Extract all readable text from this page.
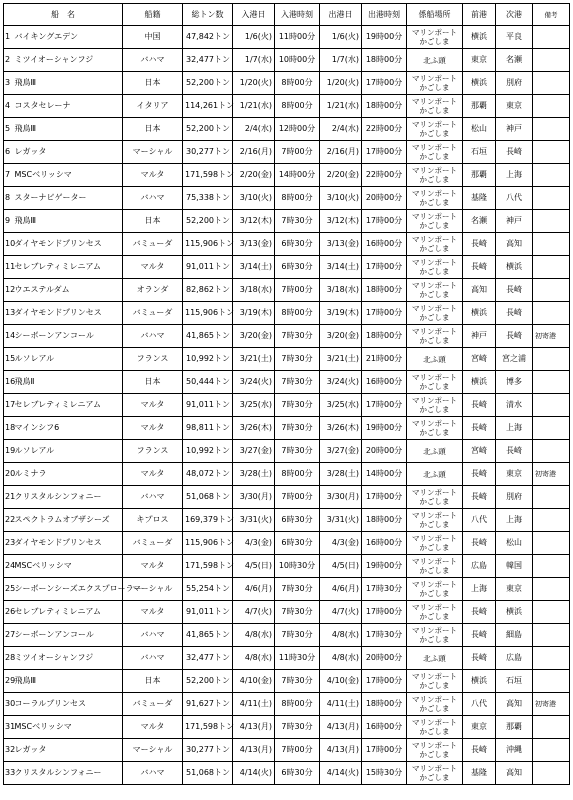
船　名		船籍	総トン数	入港日	入港時刻	出港日	出港時刻	係船場所	前港	次港	備考
1	バイキングエデン	中国	47,842トン	1/6(火)	11時00分	1/6(火)	19時00分	マリンポート
かごしま	横浜	平良	
2	ミツイオーシャンフジ	バハマ	32,477トン	1/7(水)	10時00分	1/7(水)	18時00分	北ふ頭	東京	名瀬	
3	飛鳥Ⅲ	日本	52,200トン	1/20(火)	8時00分	1/20(火)	17時00分	マリンポート
かごしま	横浜	別府	
4	コスタセレーナ	イタリア	114,261トン	1/21(水)	8時00分	1/21(水)	18時00分	マリンポート
かごしま	那覇	東京	
5	飛鳥Ⅲ	日本	52,200トン	2/4(水)	12時00分	2/4(水)	22時00分	マリンポート
かごしま	松山	神戸	
6	レガッタ	マーシャル	30,277トン	2/16(月)	7時00分	2/16(月)	17時00分	マリンポート
かごしま	石垣	長崎	
7	MSCベリッシマ	マルタ	171,598トン	2/20(金)	14時00分	2/20(金)	22時00分	マリンポート
かごしま	那覇	上海	
8	スターナビゲーター	バハマ	75,338トン	3/10(火)	8時00分	3/10(火)	20時00分	マリンポート
かごしま	基隆	八代	
9	飛鳥Ⅲ	日本	52,200トン	3/12(木)	7時30分	3/12(木)	17時00分	マリンポート
かごしま	名瀬	神戸	
10	ダイヤモンドプリンセス	バミューダ	115,906トン	3/13(金)	6時30分	3/13(金)	16時00分	マリンポート
かごしま	長崎	高知	
11	セレブレティミレニアム	マルタ	91,011トン	3/14(土)	6時30分	3/14(土)	17時00分	マリンポート
かごしま	長崎	横浜	
12	ウエステルダム	オランダ	82,862トン	3/18(水)	7時00分	3/18(水)	18時00分	マリンポート
かごしま	高知	長崎	
13	ダイヤモンドプリンセス	バミューダ	115,906トン	3/19(木)	8時00分	3/19(木)	17時00分	マリンポート
かごしま	横浜	長崎	
14	シーボーンアンコール	バハマ	41,865トン	3/20(金)	7時30分	3/20(金)	18時00分	マリンポート
かごしま	神戸	長崎	初寄港
15	ルソレアル	フランス	10,992トン	3/21(土)	7時30分	3/21(土)	21時00分	北ふ頭	宮崎	宮之浦	
16	飛鳥Ⅱ	日本	50,444トン	3/24(火)	7時30分	3/24(火)	16時00分	マリンポート
かごしま	横浜	博多	
17	セレブレティミレニアム	マルタ	91,011トン	3/25(水)	7時30分	3/25(水)	17時00分	マリンポート
かごしま	長崎	清水	
18	マインシフ6	マルタ	98,811トン	3/26(木)	7時30分	3/26(木)	19時00分	マリンポート
かごしま	長崎	上海	
19	ルソレアル	フランス	10,992トン	3/27(金)	7時30分	3/27(金)	20時00分	北ふ頭	宮崎	長崎	
20	ルミナラ	マルタ	48,072トン	3/28(土)	8時00分	3/28(土)	14時00分	北ふ頭	長崎	東京	初寄港
21	クリスタルシンフォニー	バハマ	51,068トン	3/30(月)	7時00分	3/30(月)	17時00分	マリンポート
かごしま	長崎	別府	
22	スペクトラムオブザシーズ	キプロス	169,379トン	3/31(火)	6時30分	3/31(火)	18時00分	マリンポート
かごしま	八代	上海	
23	ダイヤモンドプリンセス	バミューダ	115,906トン	4/3(金)	6時30分	4/3(金)	16時00分	マリンポート
かごしま	長崎	松山	
24	MSCベリッシマ	マルタ	171,598トン	4/5(日)	10時30分	4/5(日)	19時00分	マリンポート
かごしま	広島	韓国	
25	シーボーンシーズエクスプローラー	マーシャル	55,254トン	4/6(月)	7時30分	4/6(月)	17時30分	マリンポート
かごしま	上海	東京	
26	セレブレティミレニアム	マルタ	91,011トン	4/7(火)	7時30分	4/7(火)	17時00分	マリンポート
かごしま	長崎	横浜	
27	シーボーンアンコール	バハマ	41,865トン	4/8(水)	7時30分	4/8(水)	17時30分	マリンポート
かごしま	長崎	細島	
28	ミツイオーシャンフジ	バハマ	32,477トン	4/8(水)	11時30分	4/8(水)	20時00分	北ふ頭	長崎	広島	
29	飛鳥Ⅲ	日本	52,200トン	4/10(金)	7時30分	4/10(金)	17時00分	マリンポート
かごしま	横浜	石垣	
30	コーラルプリンセス	バミューダ	91,627トン	4/11(土)	8時00分	4/11(土)	18時00分	マリンポート
かごしま	八代	高知	初寄港
31	MSCベリッシマ	マルタ	171,598トン	4/13(月)	7時30分	4/13(月)	16時00分	マリンポート
かごしま	東京	那覇	
32	レガッタ	マーシャル	30,277トン	4/13(月)	7時00分	4/13(月)	17時00分	マリンポート
かごしま	長崎	沖縄	
33	クリスタルシンフォニー	バハマ	51,068トン	4/14(火)	6時30分	4/14(火)	15時30分	マリンポート
かごしま	基隆	高知	
